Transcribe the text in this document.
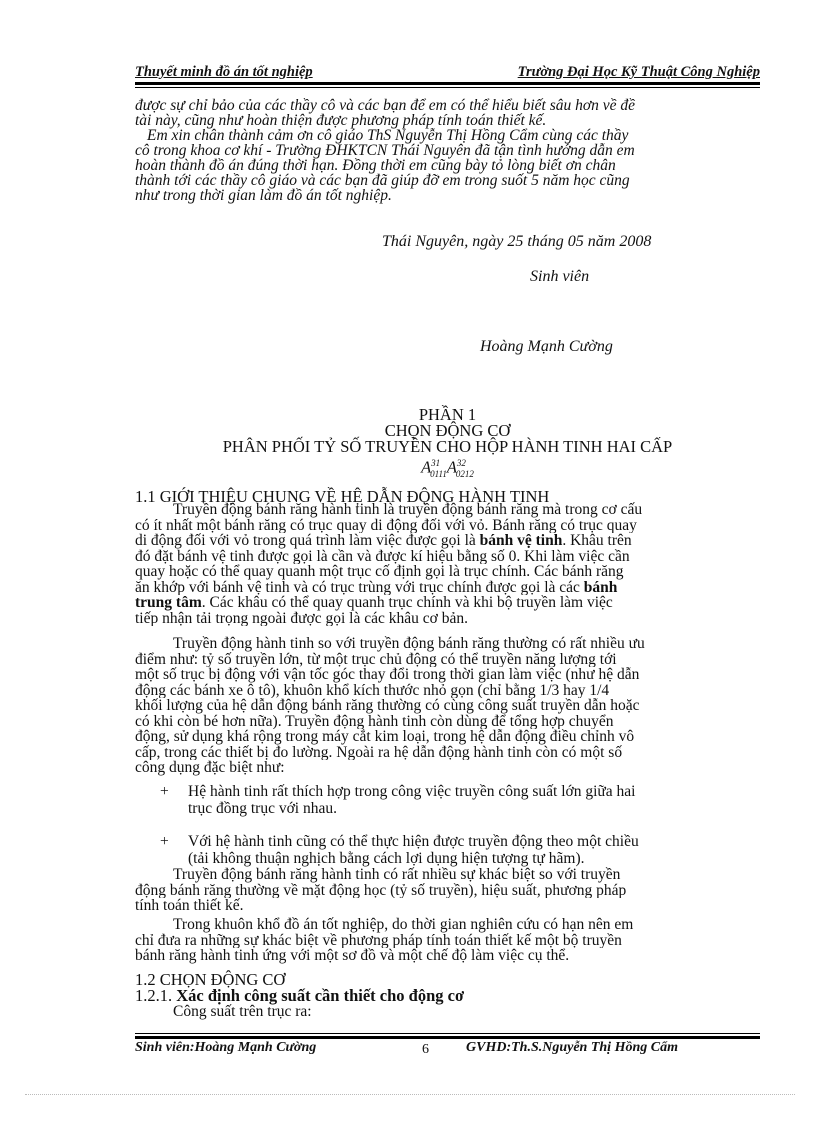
Thuyết minh đồ án tốt nghiệp	Trường Đại Học Kỹ Thuật Công Nghiệp
được sự chỉ bảo của các thầy cô và các bạn để em có thể hiểu biết sâu hơn về đề
tài này, cũng như hoàn thiện được phương pháp tính toán thiết kế.
Em xin chân thành cảm ơn cô giáo ThS Nguyễn Thị Hồng Cẩm cùng các thầy
cô trong khoa cơ khí - Trường ĐHKTCN Thái Nguyên đã tận tình hướng dẫn em
hoàn thành đồ án đúng thời hạn. Đồng thời em cũng bày tỏ lòng biết ơn chân
thành tới các thầy cô giáo và các bạn đã giúp đỡ em trong suốt 5 năm học cũng
như trong thời gian làm đồ án tốt nghiệp.
Thái Nguyên, ngày 25 tháng 05 năm 2008
Sinh viên
Hoàng Mạnh Cường
PHẦN 1
CHỌN ĐỘNG CƠ
PHÂN PHỐI TỶ SỐ TRUYỀN CHO HỘP HÀNH TINH HAI CẤP
$A^{31}_{0111}A^{32}_{0212}$
1.1 GIỚI THIỆU CHUNG VỀ HỆ DẪN ĐỘNG HÀNH TINH
Truyền động bánh răng hành tinh là truyền động bánh răng mà trong cơ cấu
có ít nhất một bánh răng có trục quay di động đối với vỏ. Bánh răng có trục quay
di động đối với vỏ trong quá trình làm việc được gọi là bánh vệ tinh. Khâu trên
đó đặt bánh vệ tinh được gọi là cần và được kí hiệu bằng số 0. Khi làm việc cần
quay hoặc có thể quay quanh một trục cố định gọi là trục chính. Các bánh răng
ăn khớp với bánh vệ tinh và có trục trùng với trục chính được gọi là các bánh
trung tâm. Các khâu có thể quay quanh trục chính và khi bộ truyền làm việc
tiếp nhận tải trọng ngoài được gọi là các khâu cơ bản.
Truyền động hành tinh so với truyền động bánh răng thường có rất nhiều ưu
điểm như: tỷ số truyền lớn, từ một trục chủ động có thể truyền năng lượng tới
một số trục bị động với vận tốc góc thay đổi trong thời gian làm việc (như hệ dẫn
động các bánh xe ô tô), khuôn khổ kích thước nhỏ gọn (chỉ bằng 1/3 hay 1/4
khối lượng của hệ dẫn động bánh răng thường có cùng công suất truyền dẫn hoặc
có khi còn bé hơn nữa). Truyền động hành tinh còn dùng để tổng hợp chuyển
động, sử dụng khá rộng trong máy cắt kim loại, trong hệ dẫn động điều chỉnh vô
cấp, trong các thiết bị đo lường. Ngoài ra hệ dẫn động hành tinh còn có một số
công dụng đặc biệt như:
+ Hệ hành tinh rất thích hợp trong công việc truyền công suất lớn giữa hai
trục đồng trục với nhau.
+ Với hệ hành tinh cũng có thể thực hiện được truyền động theo một chiều
(tải không thuận nghịch bằng cách lợi dụng hiện tượng tự hãm).
Truyền động bánh răng hành tinh có rất nhiều sự khác biệt so với truyền
động bánh răng thường về mặt động học (tỷ số truyền), hiệu suất, phương pháp
tính toán thiết kế.
Trong khuôn khổ đồ án tốt nghiệp, do thời gian nghiên cứu có hạn nên em
chỉ đưa ra những sự khác biệt về phương pháp tính toán thiết kế một bộ truyền
bánh răng hành tinh ứng với một sơ đồ và một chế độ làm việc cụ thể.
1.2 CHỌN ĐỘNG CƠ
1.2.1. Xác định công suất cần thiết cho động cơ
Công suất trên trục ra:
Sinh viên:Hoàng Mạnh Cường	6	GVHD:Th.S.Nguyễn Thị Hồng Cẩm
